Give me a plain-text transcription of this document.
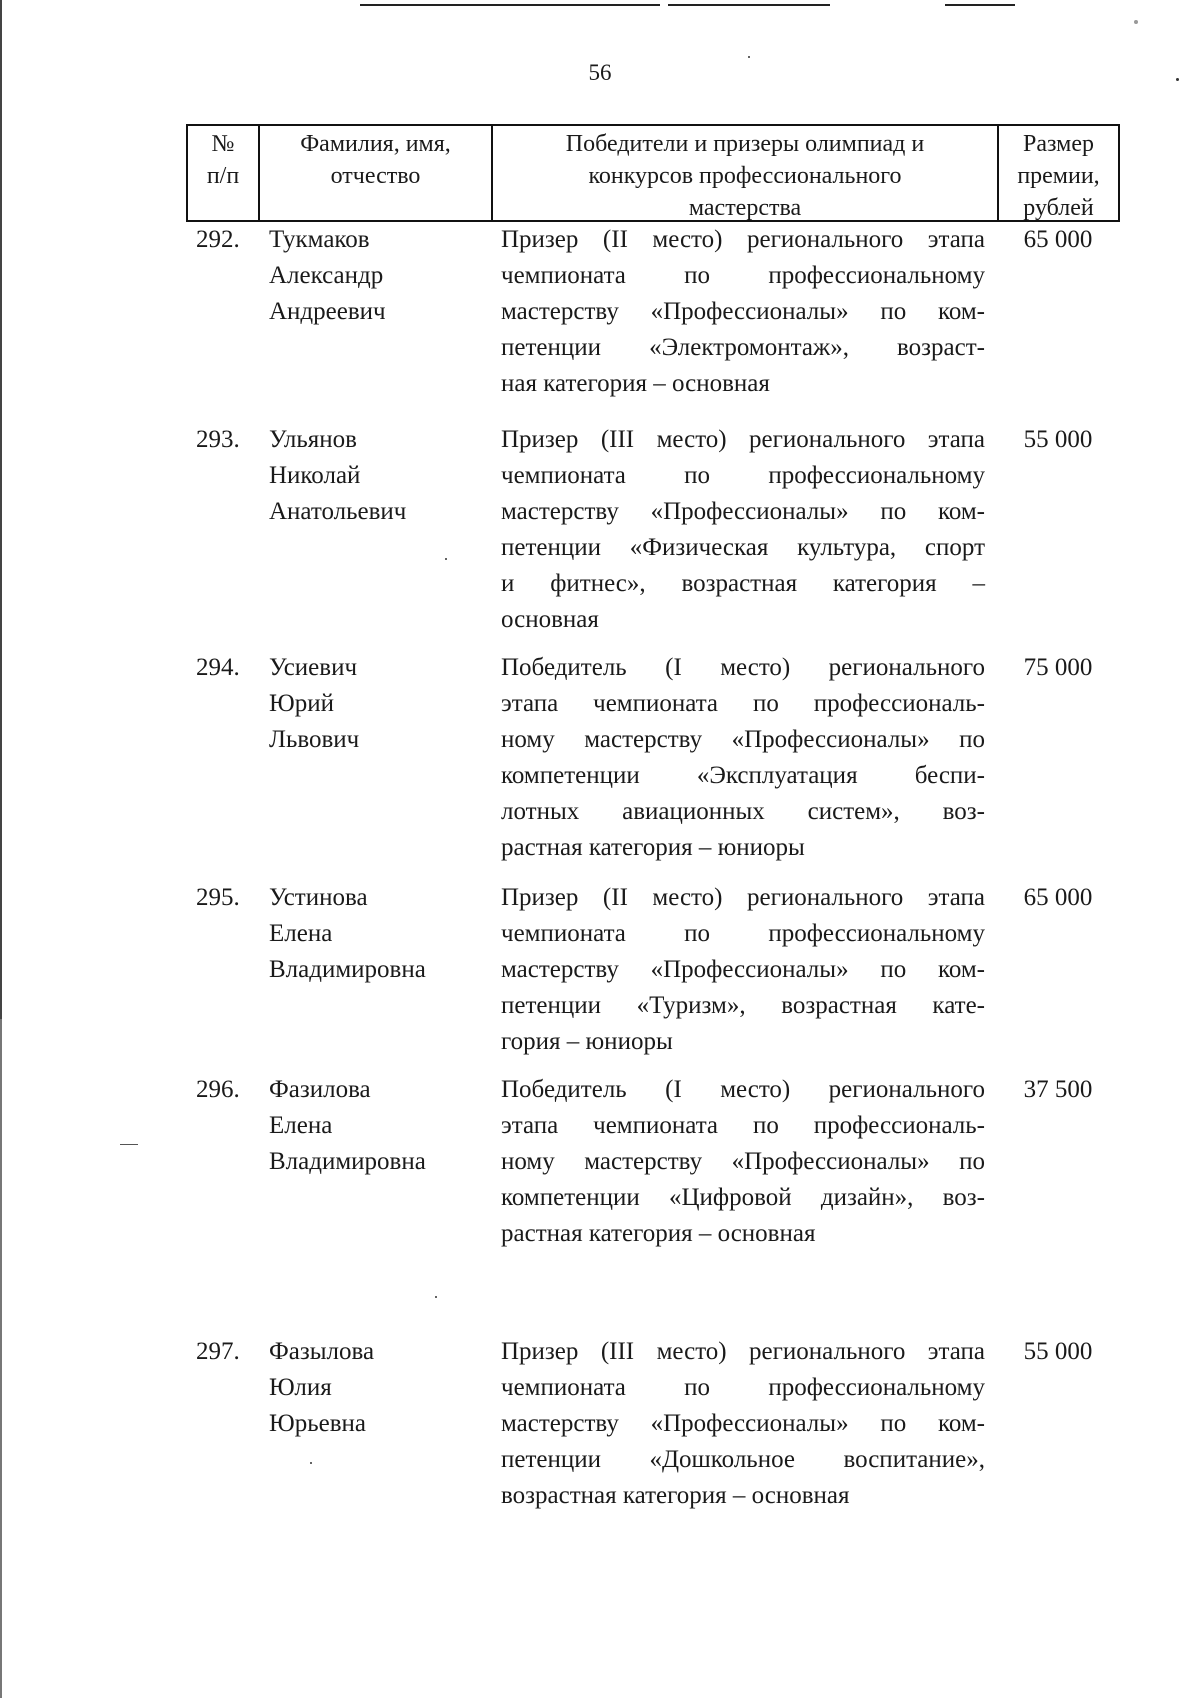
56
№
п/п
Фамилия, имя,
отчество
Победители и призеры олимпиад и
конкурсов профессионального
мастерства
Размер
премии,
рублей
292. Тукмаков
Александр
Андреевич
Призер (II место) регионального этапа
чемпионата по профессиональному
мастерству «Профессионалы» по ком-
петенции «Электромонтаж», возраст-
ная категория – основная
65 000
293. Ульянов
Николай
Анатольевич
Призер (III место) регионального этапа
чемпионата по профессиональному
мастерству «Профессионалы» по ком-
петенции «Физическая культура, спорт
и фитнес», возрастная категория –
основная
55 000
294. Усиевич
Юрий
Львович
Победитель (I место) регионального
этапа чемпионата по профессиональ-
ному мастерству «Профессионалы» по
компетенции «Эксплуатация беспи-
лотных авиационных систем», воз-
растная категория – юниоры
75 000
295. Устинова
Елена
Владимировна
Призер (II место) регионального этапа
чемпионата по профессиональному
мастерству «Профессионалы» по ком-
петенции «Туризм», возрастная кате-
гория – юниоры
65 000
296. Фазилова
Елена
Владимировна
Победитель (I место) регионального
этапа чемпионата по профессиональ-
ному мастерству «Профессионалы» по
компетенции «Цифровой дизайн», воз-
растная категория – основная
37 500
297. Фазылова
Юлия
Юрьевна
Призер (III место) регионального этапа
чемпионата по профессиональному
мастерству «Профессионалы» по ком-
петенции «Дошкольное воспитание»,
возрастная категория – основная
55 000
